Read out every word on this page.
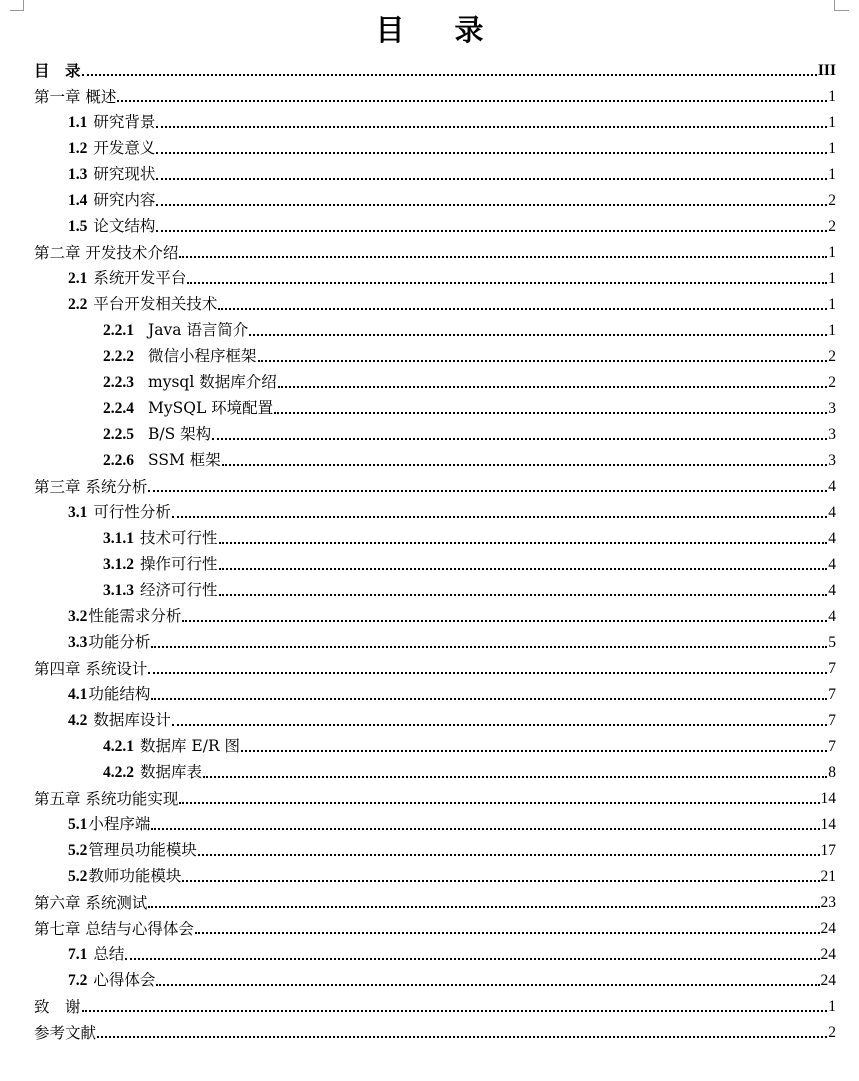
目 录
目　录	III
第一章 概述	1
1.1 研究背景	1
1.2 开发意义	1
1.3 研究现状	1
1.4 研究内容	2
1.5 论文结构	2
第二章 开发技术介绍	1
2.1 系统开发平台	1
2.2 平台开发相关技术	1
2.2.1 Java 语言简介	1
2.2.2 微信小程序框架	2
2.2.3 mysql 数据库介绍	2
2.2.4 MySQL 环境配置	3
2.2.5 B/S 架构	3
2.2.6 SSM 框架	3
第三章 系统分析	4
3.1 可行性分析	4
3.1.1 技术可行性	4
3.1.2 操作可行性	4
3.1.3 经济可行性	4
3.2性能需求分析	4
3.3功能分析	5
第四章 系统设计	7
4.1功能结构	7
4.2 数据库设计	7
4.2.1 数据库 E/R 图	7
4.2.2 数据库表	8
第五章 系统功能实现	14
5.1小程序端	14
5.2管理员功能模块	17
5.2教师功能模块	21
第六章 系统测试	23
第七章 总结与心得体会	24
7.1 总结	24
7.2 心得体会	24
致　谢	1
参考文献	2
